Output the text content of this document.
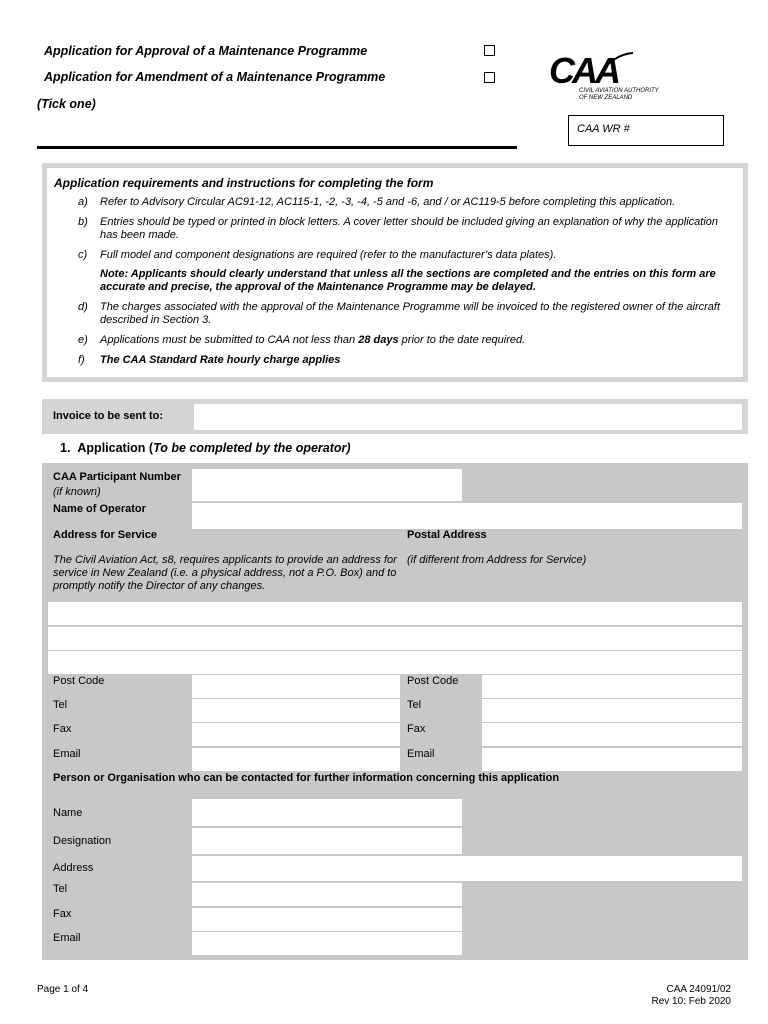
Application for Approval of a Maintenance Programme
Application for Amendment of a Maintenance Programme
(Tick one)
CAA
CIVIL AVIATION AUTHORITY
OF NEW ZEALAND
CAA WR #
Application requirements and instructions for completing the form
a) Refer to Advisory Circular AC91-12, AC115-1, -2, -3, -4, -5 and -6, and / or AC119-5 before completing this application.
b) Entries should be typed or printed in block letters. A cover letter should be included giving an explanation of why the application has been made.
c) Full model and component designations are required (refer to the manufacturer’s data plates).
Note: Applicants should clearly understand that unless all the sections are completed and the entries on this form are accurate and precise, the approval of the Maintenance Programme may be delayed.
d) The charges associated with the approval of the Maintenance Programme will be invoiced to the registered owner of the aircraft described in Section 3.
e) Applications must be submitted to CAA not less than 28 days prior to the date required.
f) The CAA Standard Rate hourly charge applies
Invoice to be sent to:
1. Application (To be completed by the operator)
CAA Participant Number
(if known)
Name of Operator
Address for Service	Postal Address
The Civil Aviation Act, s8, requires applicants to provide an address for service in New Zealand (i.e. a physical address, not a P.O. Box) and to promptly notify the Director of any changes.
(if different from Address for Service)
Post Code
Tel
Fax
Email
Post Code
Tel
Fax
Email
Person or Organisation who can be contacted for further information concerning this application
Name
Designation
Address
Tel
Fax
Email
Page 1 of 4	CAA 24091/02
Rev 10: Feb 2020
